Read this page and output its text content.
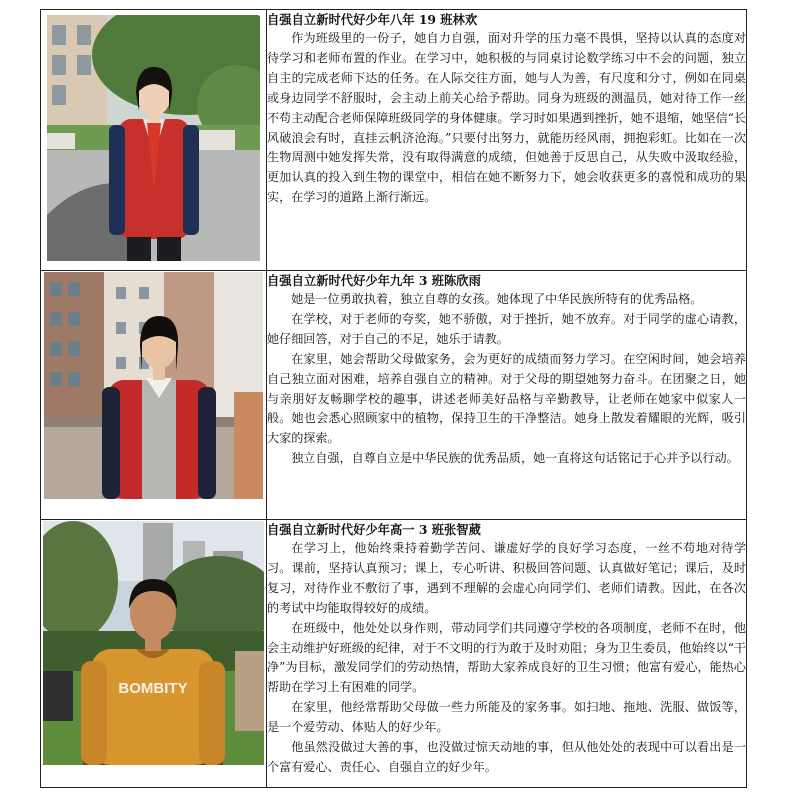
自强自立新时代好少年八年 19 班林欢

作为班级里的一份子，她自力自强，面对升学的压力毫不畏惧，坚持以认真的态度对待学习和老师布置的作业。在学习中，她积极的与同桌讨论数学练习中不会的问题，独立自主的完成老师下达的任务。在人际交往方面，她与人为善，有尺度和分寸，例如在同桌或身边同学不舒服时，会主动上前关心给予帮助。同身为班级的测温员，她对待工作一丝不苟主动配合老师保障班级同学的身体健康。学习时如果遇到挫折，她不退缩，她坚信“长风破浪会有时，直挂云帆济沧海。”只要付出努力，就能历经风雨，拥抱彩虹。比如在一次生物周测中她发挥失常，没有取得满意的成绩，但她善于反思自己，从失败中汲取经验，更加认真的投入到生物的课堂中，相信在她不断努力下，她会收获更多的喜悦和成功的果实，在学习的道路上渐行渐远。

自强自立新时代好少年九年 3 班陈欣雨

她是一位勇敢执着，独立自尊的女孩。她体现了中华民族所特有的优秀品格。

在学校，对于老师的夸奖，她不骄傲，对于挫折，她不放弃。对于同学的虚心请教，她仔细回答，对于自己的不足，她乐于请教。

在家里，她会帮助父母做家务，会为更好的成绩而努力学习。在空闲时间，她会培养自己独立面对困难，培养自强自立的精神。对于父母的期望她努力奋斗。在团聚之日，她与亲朋好友畅聊学校的趣事，讲述老师美好品格与辛勤教导，让老师在她家中似家人一般。她也会悉心照顾家中的植物，保持卫生的干净整洁。她身上散发着耀眼的光辉，吸引大家的探索。

独立自强，自尊自立是中华民族的优秀品质，她一直将这句话铭记于心并予以行动。

BOMBITY	自强自立新时代好少年高一 3 班张智葳

在学习上，他始终秉持着勤学苦问、谦虚好学的良好学习态度，一丝不苟地对待学习。课前，坚持认真预习；课上，专心听讲、积极回答问题、认真做好笔记；课后，及时复习，对待作业不敷衍了事，遇到不理解的会虚心向同学们、老师们请教。因此，在各次的考试中均能取得较好的成绩。

在班级中，他处处以身作则，带动同学们共同遵守学校的各项制度，老师不在时，他会主动维护好班级的纪律，对于不文明的行为敢于及时劝阻；身为卫生委员，他始终以“干净”为目标，激发同学们的劳动热情，帮助大家养成良好的卫生习惯；他富有爱心，能热心帮助在学习上有困难的同学。

在家里，他经常帮助父母做一些力所能及的家务事。如扫地、拖地、洗服、做饭等，是一个爱劳动、体贴人的好少年。

他虽然没做过大善的事，也没做过惊天动地的事，但从他处处的表现中可以看出是一个富有爱心、责任心、自强自立的好少年。
